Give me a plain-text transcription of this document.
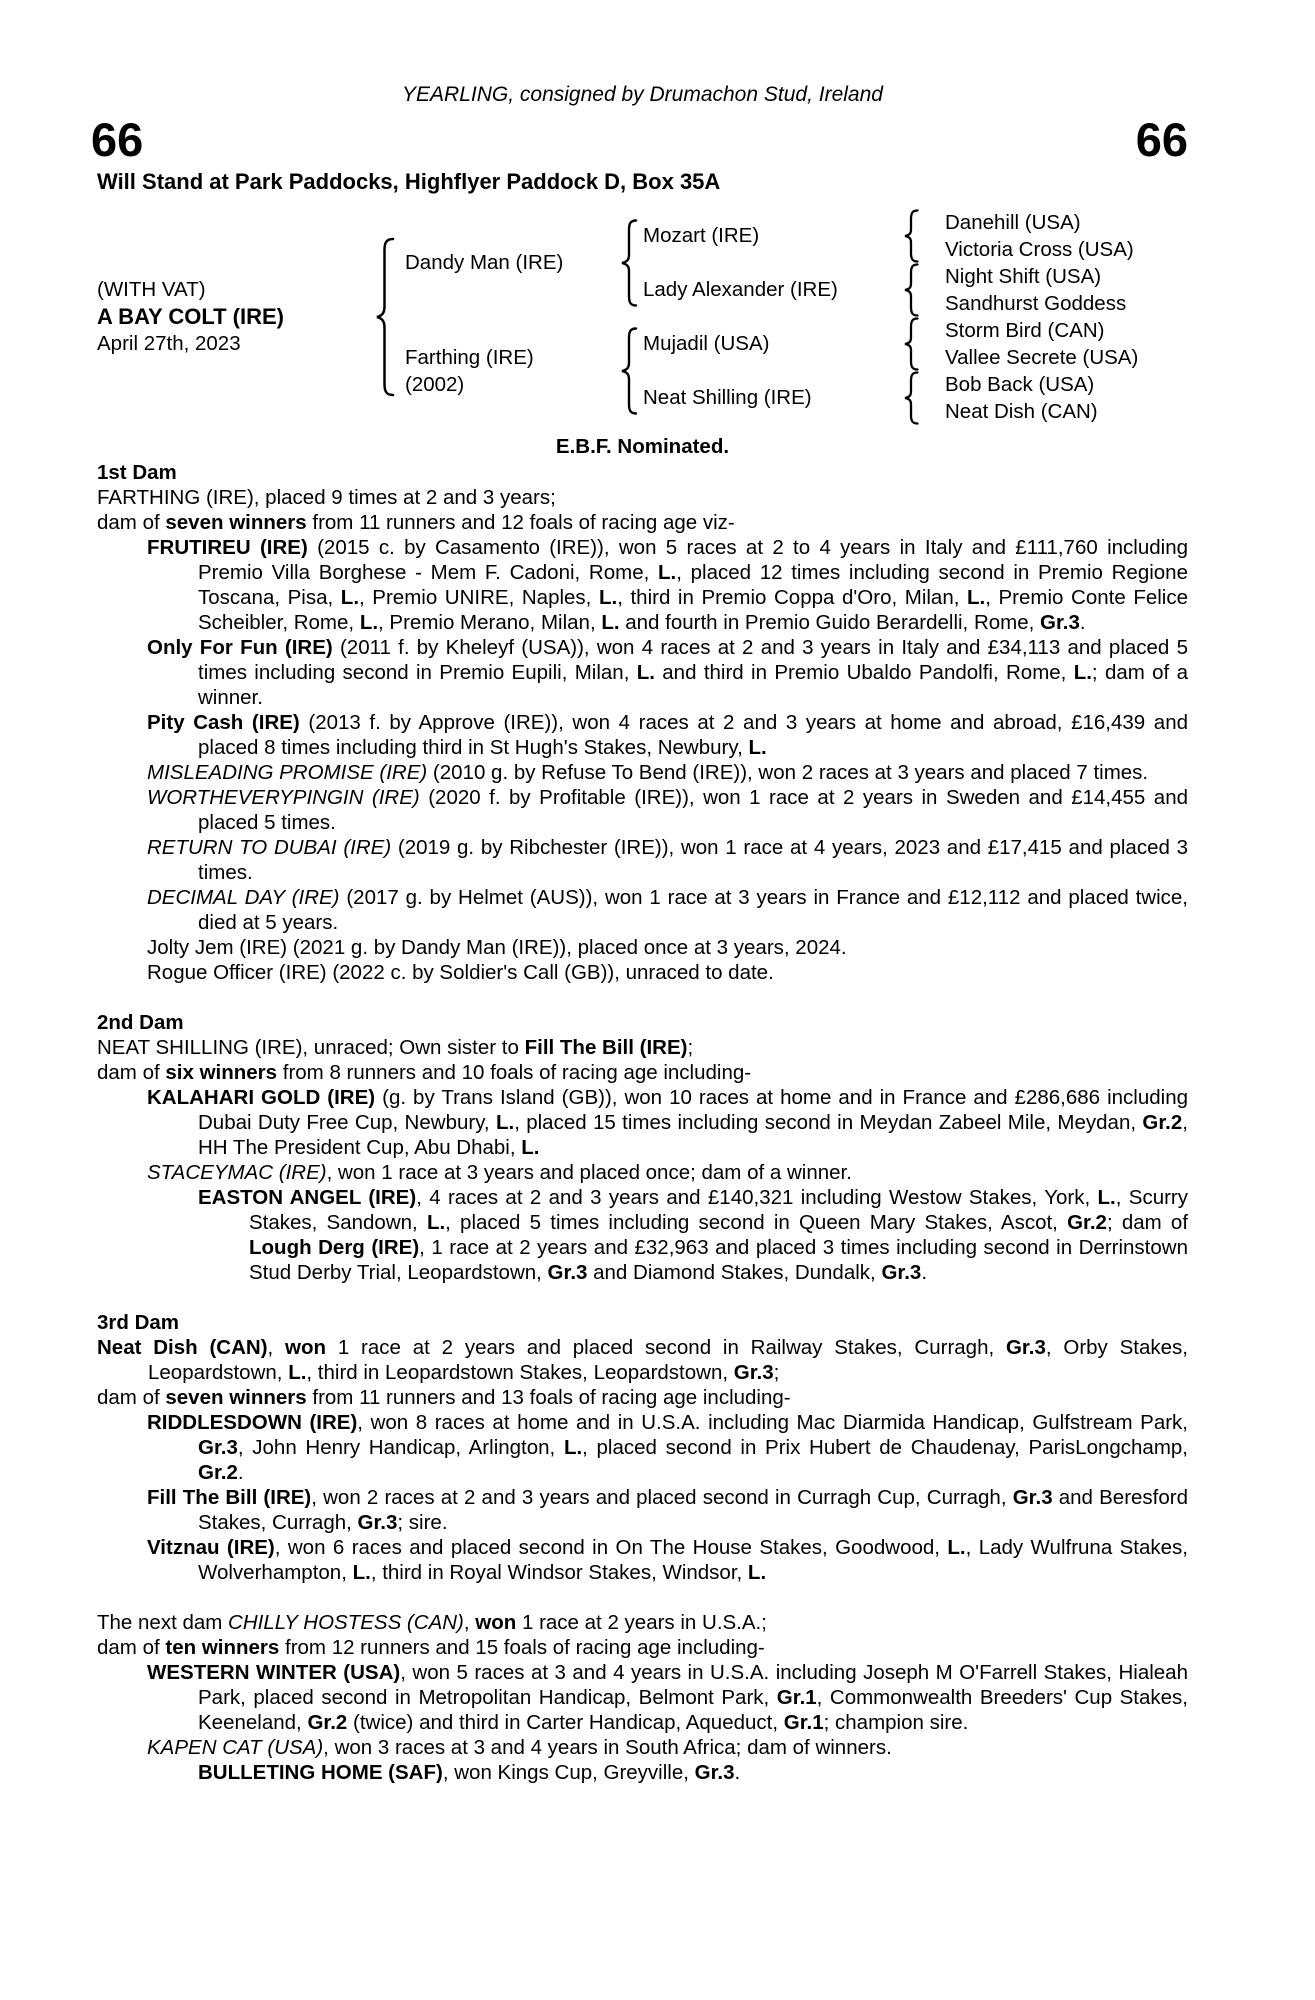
YEARLING, consigned by Drumachon Stud, Ireland
66	66
Will Stand at Park Paddocks, Highflyer Paddock D, Box 35A
(WITH VAT)
A BAY COLT (IRE)
April 27th, 2023
Dandy Man (IRE)
Farthing (IRE)
(2002)
Mozart (IRE)
Lady Alexander (IRE)
Mujadil (USA)
Neat Shilling (IRE)
Danehill (USA)
Victoria Cross (USA)
Night Shift (USA)
Sandhurst Goddess
Storm Bird (CAN)
Vallee Secrete (USA)
Bob Back (USA)
Neat Dish (CAN)
E.B.F. Nominated.
1st Dam
FARTHING (IRE), placed 9 times at 2 and 3 years;
dam of seven winners from 11 runners and 12 foals of racing age viz-
FRUTIREU (IRE) (2015 c. by Casamento (IRE)), won 5 races at 2 to 4 years in Italy and £111,760 including Premio Villa Borghese - Mem F. Cadoni, Rome, L., placed 12 times including second in Premio Regione Toscana, Pisa, L., Premio UNIRE, Naples, L., third in Premio Coppa d'Oro, Milan, L., Premio Conte Felice Scheibler, Rome, L., Premio Merano, Milan, L. and fourth in Premio Guido Berardelli, Rome, Gr.3.
Only For Fun (IRE) (2011 f. by Kheleyf (USA)), won 4 races at 2 and 3 years in Italy and £34,113 and placed 5 times including second in Premio Eupili, Milan, L. and third in Premio Ubaldo Pandolfi, Rome, L.; dam of a winner.
Pity Cash (IRE) (2013 f. by Approve (IRE)), won 4 races at 2 and 3 years at home and abroad, £16,439 and placed 8 times including third in St Hugh's Stakes, Newbury, L.
MISLEADING PROMISE (IRE) (2010 g. by Refuse To Bend (IRE)), won 2 races at 3 years and placed 7 times.
WORTHEVERYPINGIN (IRE) (2020 f. by Profitable (IRE)), won 1 race at 2 years in Sweden and £14,455 and placed 5 times.
RETURN TO DUBAI (IRE) (2019 g. by Ribchester (IRE)), won 1 race at 4 years, 2023 and £17,415 and placed 3 times.
DECIMAL DAY (IRE) (2017 g. by Helmet (AUS)), won 1 race at 3 years in France and £12,112 and placed twice, died at 5 years.
Jolty Jem (IRE) (2021 g. by Dandy Man (IRE)), placed once at 3 years, 2024.
Rogue Officer (IRE) (2022 c. by Soldier's Call (GB)), unraced to date.
2nd Dam
NEAT SHILLING (IRE), unraced; Own sister to Fill The Bill (IRE);
dam of six winners from 8 runners and 10 foals of racing age including-
KALAHARI GOLD (IRE) (g. by Trans Island (GB)), won 10 races at home and in France and £286,686 including Dubai Duty Free Cup, Newbury, L., placed 15 times including second in Meydan Zabeel Mile, Meydan, Gr.2, HH The President Cup, Abu Dhabi, L.
STACEYMAC (IRE), won 1 race at 3 years and placed once; dam of a winner.
EASTON ANGEL (IRE), 4 races at 2 and 3 years and £140,321 including Westow Stakes, York, L., Scurry Stakes, Sandown, L., placed 5 times including second in Queen Mary Stakes, Ascot, Gr.2; dam of Lough Derg (IRE), 1 race at 2 years and £32,963 and placed 3 times including second in Derrinstown Stud Derby Trial, Leopardstown, Gr.3 and Diamond Stakes, Dundalk, Gr.3.
3rd Dam
Neat Dish (CAN), won 1 race at 2 years and placed second in Railway Stakes, Curragh, Gr.3, Orby Stakes, Leopardstown, L., third in Leopardstown Stakes, Leopardstown, Gr.3;
dam of seven winners from 11 runners and 13 foals of racing age including-
RIDDLESDOWN (IRE), won 8 races at home and in U.S.A. including Mac Diarmida Handicap, Gulfstream Park, Gr.3, John Henry Handicap, Arlington, L., placed second in Prix Hubert de Chaudenay, ParisLongchamp, Gr.2.
Fill The Bill (IRE), won 2 races at 2 and 3 years and placed second in Curragh Cup, Curragh, Gr.3 and Beresford Stakes, Curragh, Gr.3; sire.
Vitznau (IRE), won 6 races and placed second in On The House Stakes, Goodwood, L., Lady Wulfruna Stakes, Wolverhampton, L., third in Royal Windsor Stakes, Windsor, L.
The next dam CHILLY HOSTESS (CAN), won 1 race at 2 years in U.S.A.;
dam of ten winners from 12 runners and 15 foals of racing age including-
WESTERN WINTER (USA), won 5 races at 3 and 4 years in U.S.A. including Joseph M O'Farrell Stakes, Hialeah Park, placed second in Metropolitan Handicap, Belmont Park, Gr.1, Commonwealth Breeders' Cup Stakes, Keeneland, Gr.2 (twice) and third in Carter Handicap, Aqueduct, Gr.1; champion sire.
KAPEN CAT (USA), won 3 races at 3 and 4 years in South Africa; dam of winners.
BULLETING HOME (SAF), won Kings Cup, Greyville, Gr.3.
